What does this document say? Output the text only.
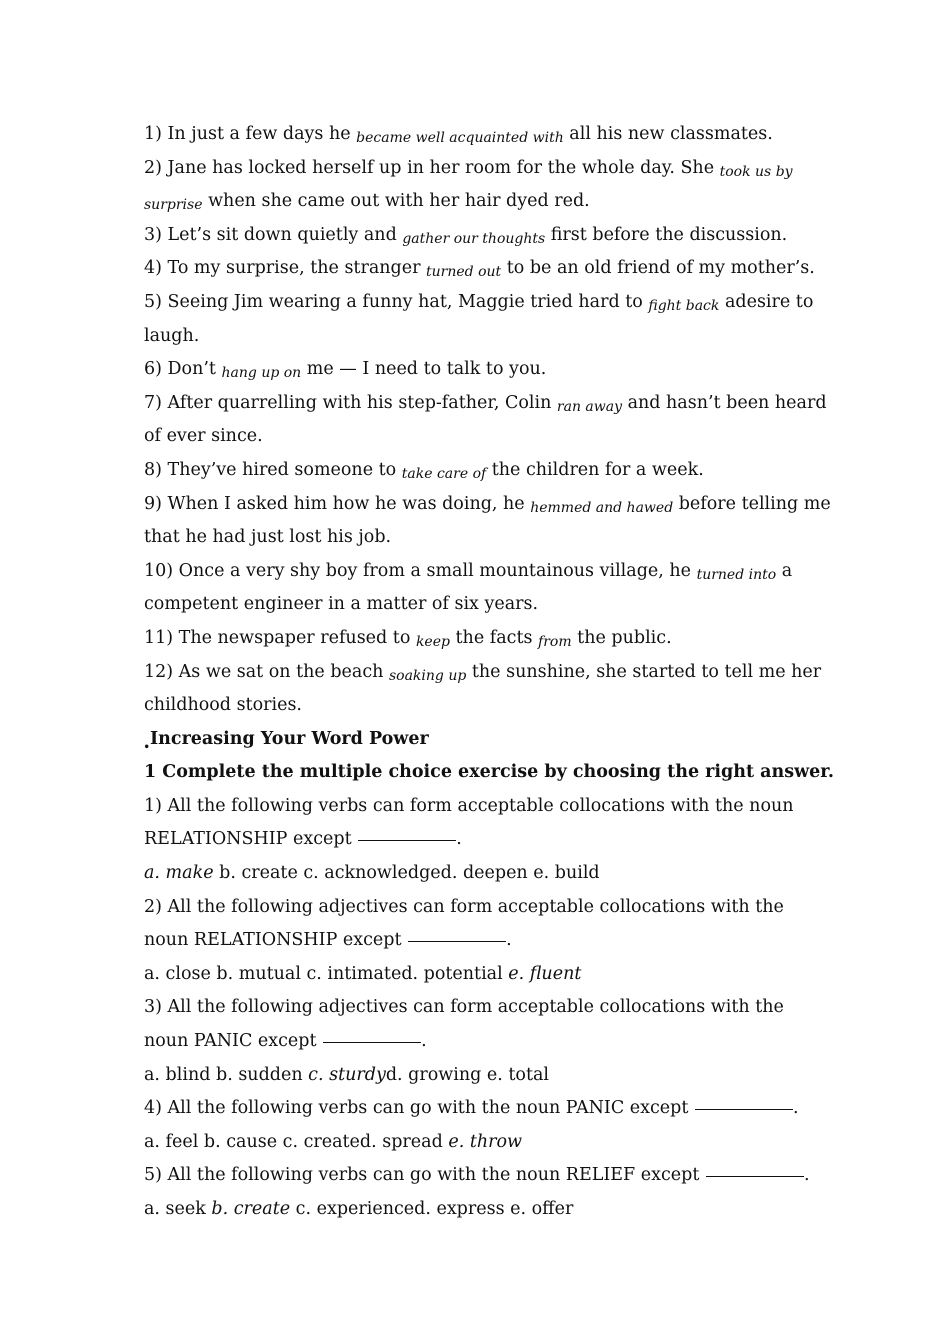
1) In just a few days he became well acquainted with all his new classmates.
2) Jane has locked herself up in her room for the whole day. She took us by
surprise when she came out with her hair dyed red.
3) Let’s sit down quietly and gather our thoughts first before the discussion.
4) To my surprise, the stranger turned out to be an old friend of my mother’s.
5) Seeing Jim wearing a funny hat, Maggie tried hard to fight back adesire to
laugh.
6) Don’t hang up on me — I need to talk to you.
7) After quarrelling with his step-father, Colin ran away and hasn’t been heard
of ever since.
8) They’ve hired someone to take care of the children for a week.
9) When I asked him how he was doing, he hemmed and hawed before telling me
that he had just lost his job.
10) Once a very shy boy from a small mountainous village, he turned into a
competent engineer in a matter of six years.
11) The newspaper refused to keep the facts from the public.
12) As we sat on the beach soaking up the sunshine, she started to tell me her
childhood stories.
• Increasing Your Word Power
1 Complete the multiple choice exercise by choosing the right answer.
1) All the following verbs can form acceptable collocations with the noun
RELATIONSHIP except	.
a. make b. create c. acknowledged. deepen e. build
2) All the following adjectives can form acceptable collocations with the
noun RELATIONSHIP except	.
a. close b. mutual c. intimated. potential e. fluent
3) All the following adjectives can form acceptable collocations with the
noun PANIC except	.
a. blind b. sudden c. sturdyd. growing e. total
4) All the following verbs can go with the noun PANIC except	.
a. feel b. cause c. created. spread e. throw
5) All the following verbs can go with the noun RELIEF except	.
a. seek b. create c. experienced. express e. offer
